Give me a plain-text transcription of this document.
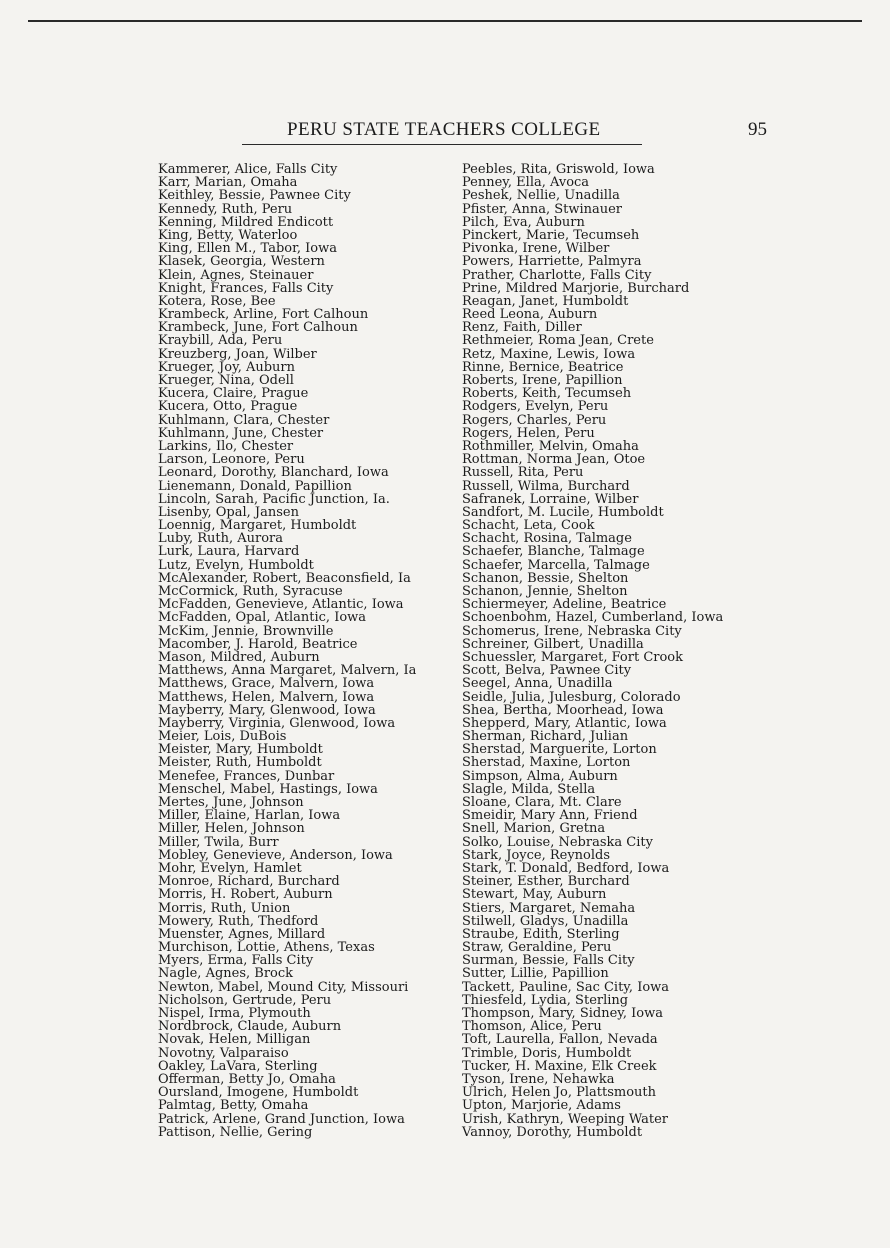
PERU STATE TEACHERS COLLEGE	95
Kammerer, Alice, Falls City
Karr, Marian, Omaha
Keithley, Bessie, Pawnee City
Kennedy, Ruth, Peru
Kenning, Mildred Endicott
King, Betty, Waterloo
King, Ellen M., Tabor, Iowa
Klasek, Georgia, Western
Klein, Agnes, Steinauer
Knight, Frances, Falls City
Kotera, Rose, Bee
Krambeck, Arline, Fort Calhoun
Krambeck, June, Fort Calhoun
Kraybill, Ada, Peru
Kreuzberg, Joan, Wilber
Krueger, Joy, Auburn
Krueger, Nina, Odell
Kucera, Claire, Prague
Kucera, Otto, Prague
Kuhlmann, Clara, Chester
Kuhlmann, June, Chester
Larkins, Ilo, Chester
Larson, Leonore, Peru
Leonard, Dorothy, Blanchard, Iowa
Lienemann, Donald, Papillion
Lincoln, Sarah, Pacific Junction, Ia.
Lisenby, Opal, Jansen
Loennig, Margaret, Humboldt
Luby, Ruth, Aurora
Lurk, Laura, Harvard
Lutz, Evelyn, Humboldt
McAlexander, Robert, Beaconsfield, Ia
McCormick, Ruth, Syracuse
McFadden, Genevieve, Atlantic, Iowa
McFadden, Opal, Atlantic, Iowa
McKim, Jennie, Brownville
Macomber, J. Harold, Beatrice
Mason, Mildred, Auburn
Matthews, Anna Margaret, Malvern, Ia
Matthews, Grace, Malvern, Iowa
Matthews, Helen, Malvern, Iowa
Mayberry, Mary, Glenwood, Iowa
Mayberry, Virginia, Glenwood, Iowa
Meier, Lois, DuBois
Meister, Mary, Humboldt
Meister, Ruth, Humboldt
Menefee, Frances, Dunbar
Menschel, Mabel, Hastings, Iowa
Mertes, June, Johnson
Miller, Elaine, Harlan, Iowa
Miller, Helen, Johnson
Miller, Twila, Burr
Mobley, Genevieve, Anderson, Iowa
Mohr, Evelyn, Hamlet
Monroe, Richard, Burchard
Morris, H. Robert, Auburn
Morris, Ruth, Union
Mowery, Ruth, Thedford
Muenster, Agnes, Millard
Murchison, Lottie, Athens, Texas
Myers, Erma, Falls City
Nagle, Agnes, Brock
Newton, Mabel, Mound City, Missouri
Nicholson, Gertrude, Peru
Nispel, Irma, Plymouth
Nordbrock, Claude, Auburn
Novak, Helen, Milligan
Novotny, Valparaiso
Oakley, LaVara, Sterling
Offerman, Betty Jo, Omaha
Oursland, Imogene, Humboldt
Palmtag, Betty, Omaha
Patrick, Arlene, Grand Junction, Iowa
Pattison, Nellie, Gering
Peebles, Rita, Griswold, Iowa
Penney, Ella, Avoca
Peshek, Nellie, Unadilla
Pfister, Anna, Stwinauer
Pilch, Eva, Auburn
Pinckert, Marie, Tecumseh
Pivonka, Irene, Wilber
Powers, Harriette, Palmyra
Prather, Charlotte, Falls City
Prine, Mildred Marjorie, Burchard
Reagan, Janet, Humboldt
Reed Leona, Auburn
Renz, Faith, Diller
Rethmeier, Roma Jean, Crete
Retz, Maxine, Lewis, Iowa
Rinne, Bernice, Beatrice
Roberts, Irene, Papillion
Roberts, Keith, Tecumseh
Rodgers, Evelyn, Peru
Rogers, Charles, Peru
Rogers, Helen, Peru
Rothmiller, Melvin, Omaha
Rottman, Norma Jean, Otoe
Russell, Rita, Peru
Russell, Wilma, Burchard
Safranek, Lorraine, Wilber
Sandfort, M. Lucile, Humboldt
Schacht, Leta, Cook
Schacht, Rosina, Talmage
Schaefer, Blanche, Talmage
Schaefer, Marcella, Talmage
Schanon, Bessie, Shelton
Schanon, Jennie, Shelton
Schiermeyer, Adeline, Beatrice
Schoenbohm, Hazel, Cumberland, Iowa
Schomerus, Irene, Nebraska City
Schreiner, Gilbert, Unadilla
Schuessler, Margaret, Fort Crook
Scott, Belva, Pawnee City
Seegel, Anna, Unadilla
Seidle, Julia, Julesburg, Colorado
Shea, Bertha, Moorhead, Iowa
Shepperd, Mary, Atlantic, Iowa
Sherman, Richard, Julian
Sherstad, Marguerite, Lorton
Sherstad, Maxine, Lorton
Simpson, Alma, Auburn
Slagle, Milda, Stella
Sloane, Clara, Mt. Clare
Smeidir, Mary Ann, Friend
Snell, Marion, Gretna
Solko, Louise, Nebraska City
Stark, Joyce, Reynolds
Stark, T. Donald, Bedford, Iowa
Steiner, Esther, Burchard
Stewart, May, Auburn
Stiers, Margaret, Nemaha
Stilwell, Gladys, Unadilla
Straube, Edith, Sterling
Straw, Geraldine, Peru
Surman, Bessie, Falls City
Sutter, Lillie, Papillion
Tackett, Pauline, Sac City, Iowa
Thiesfeld, Lydia, Sterling
Thompson, Mary, Sidney, Iowa
Thomson, Alice, Peru
Toft, Laurella, Fallon, Nevada
Trimble, Doris, Humboldt
Tucker, H. Maxine, Elk Creek
Tyson, Irene, Nehawka
Ulrich, Helen Jo, Plattsmouth
Upton, Marjorie, Adams
Urish, Kathryn, Weeping Water
Vannoy, Dorothy, Humboldt
